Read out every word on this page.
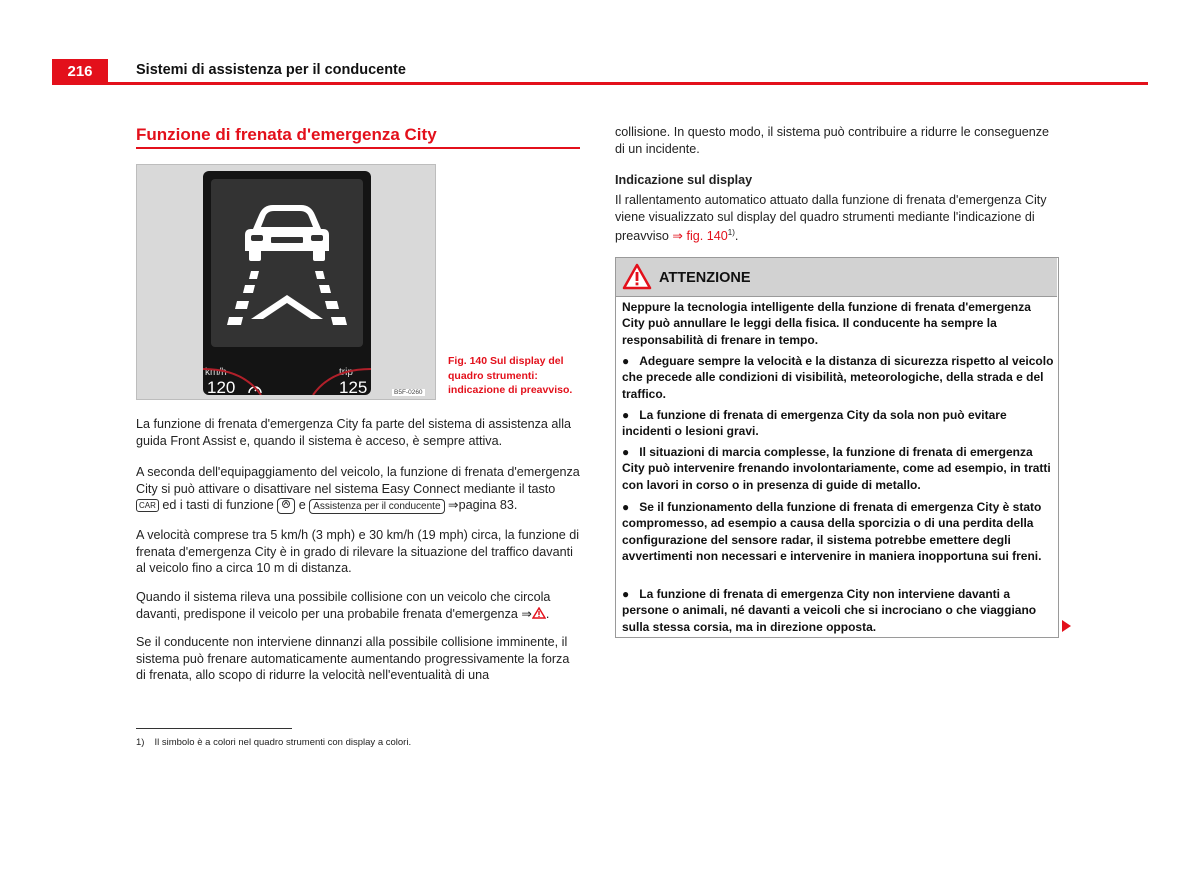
216	Sistemi di assistenza per il conducente
Funzione di frenata d'emergenza City
km/h
120
trip
125	B5F-0260
Fig. 140 Sul display del quadro strumenti: indicazione di preavviso.
La funzione di frenata d'emergenza City fa parte del sistema di assistenza alla guida Front Assist e, quando il sistema è acceso, è sempre attiva.
A seconda dell'equipaggiamento del veicolo, la funzione di frenata d'emergenza City si può attivare o disattivare nel sistema Easy Connect mediante il tasto CAR ed i tasti di funzione  e Assistenza per il conducente ⇒pagina 83.
A velocità comprese tra 5 km/h (3 mph) e 30 km/h (19 mph) circa, la funzione di frenata d'emergenza City è in grado di rilevare la situazione del traffico davanti al veicolo fino a circa 10 m di distanza.
Quando il sistema rileva una possibile collisione con un veicolo che circola davanti, predispone il veicolo per una probabile frenata d'emergenza ⇒ .
Se il conducente non interviene dinnanzi alla possibile collisione imminente, il sistema può frenare automaticamente aumentando progressivamente la forza di frenata, allo scopo di ridurre la velocità nell'eventualità di una
1) Il simbolo è a colori nel quadro strumenti con display a colori.
collisione. In questo modo, il sistema può contribuire a ridurre le conseguenze di un incidente.
Indicazione sul display
Il rallentamento automatico attuato dalla funzione di frenata d'emergenza City viene visualizzato sul display del quadro strumenti mediante l'indicazione di preavviso ⇒ fig. 140$^{1)}$.
ATTENZIONE
Neppure la tecnologia intelligente della funzione di frenata d'emergenza City può annullare le leggi della fisica. Il conducente ha sempre la responsabilità di frenare in tempo.
●   Adeguare sempre la velocità e la distanza di sicurezza rispetto al veicolo che precede alle condizioni di visibilità, meteorologiche, della strada e del traffico.
●   La funzione di frenata di emergenza City da sola non può evitare incidenti o lesioni gravi.
●   Il situazioni di marcia complesse, la funzione di frenata di emergenza City può intervenire frenando involontariamente, come ad esempio, in tratti con lavori in corso o in presenza di guide di metallo.
●   Se il funzionamento della funzione di frenata di emergenza City è stato compromesso, ad esempio a causa della sporcizia o di una perdita della configurazione del sensore radar, il sistema potrebbe emettere degli avvertimenti non necessari e intervenire in maniera inopportuna sui freni.
●   La funzione di frenata di emergenza City non interviene davanti a persone o animali, né davanti a veicoli che si incrociano o che viaggiano sulla stessa corsia, ma in direzione opposta.
